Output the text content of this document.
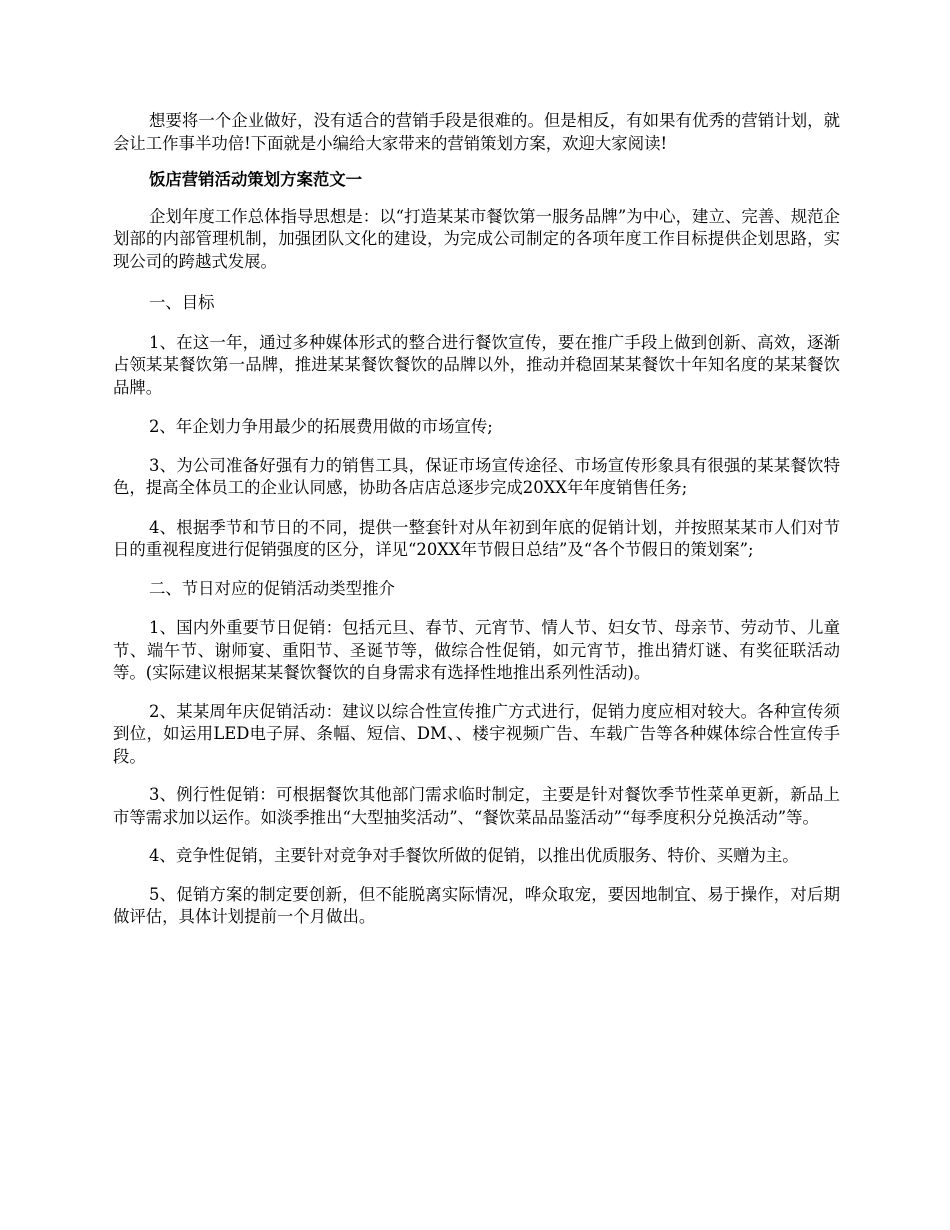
想要将一个企业做好，没有适合的营销手段是很难的。但是相反，有如果有优秀的营销计划，就会让工作事半功倍!下面就是小编给大家带来的营销策划方案，欢迎大家阅读!

饭店营销活动策划方案范文一

企划年度工作总体指导思想是：以“打造某某市餐饮第一服务品牌”为中心，建立、完善、规范企划部的内部管理机制，加强团队文化的建设，为完成公司制定的各项年度工作目标提供企划思路，实现公司的跨越式发展。

一、目标

1、在这一年，通过多种媒体形式的整合进行餐饮宣传，要在推广手段上做到创新、高效，逐渐占领某某餐饮第一品牌，推进某某餐饮餐饮的品牌以外，推动并稳固某某餐饮十年知名度的某某餐饮品牌。

2、年企划力争用最少的拓展费用做的市场宣传;

3、为公司准备好强有力的销售工具，保证市场宣传途径、市场宣传形象具有很强的某某餐饮特色，提高全体员工的企业认同感，协助各店店总逐步完成20XX年年度销售任务;

4、根据季节和节日的不同，提供一整套针对从年初到年底的促销计划，并按照某某市人们对节日的重视程度进行促销强度的区分，详见“20XX年节假日总结”及“各个节假日的策划案”;

二、节日对应的促销活动类型推介

1、国内外重要节日促销：包括元旦、春节、元宵节、情人节、妇女节、母亲节、劳动节、儿童节、端午节、谢师宴、重阳节、圣诞节等，做综合性促销，如元宵节，推出猜灯谜、有奖征联活动等。(实际建议根据某某餐饮餐饮的自身需求有选择性地推出系列性活动)。

2、某某周年庆促销活动：建议以综合性宣传推广方式进行，促销力度应相对较大。各种宣传须到位，如运用LED电子屏、条幅、短信、DM、、楼宇视频广告、车载广告等各种媒体综合性宣传手段。

3、例行性促销：可根据餐饮其他部门需求临时制定，主要是针对餐饮季节性菜单更新，新品上市等需求加以运作。如淡季推出“大型抽奖活动”、“餐饮菜品品鉴活动”“每季度积分兑换活动”等。

4、竞争性促销，主要针对竞争对手餐饮所做的促销，以推出优质服务、特价、买赠为主。

5、促销方案的制定要创新，但不能脱离实际情况，哗众取宠，要因地制宜、易于操作，对后期做评估，具体计划提前一个月做出。
